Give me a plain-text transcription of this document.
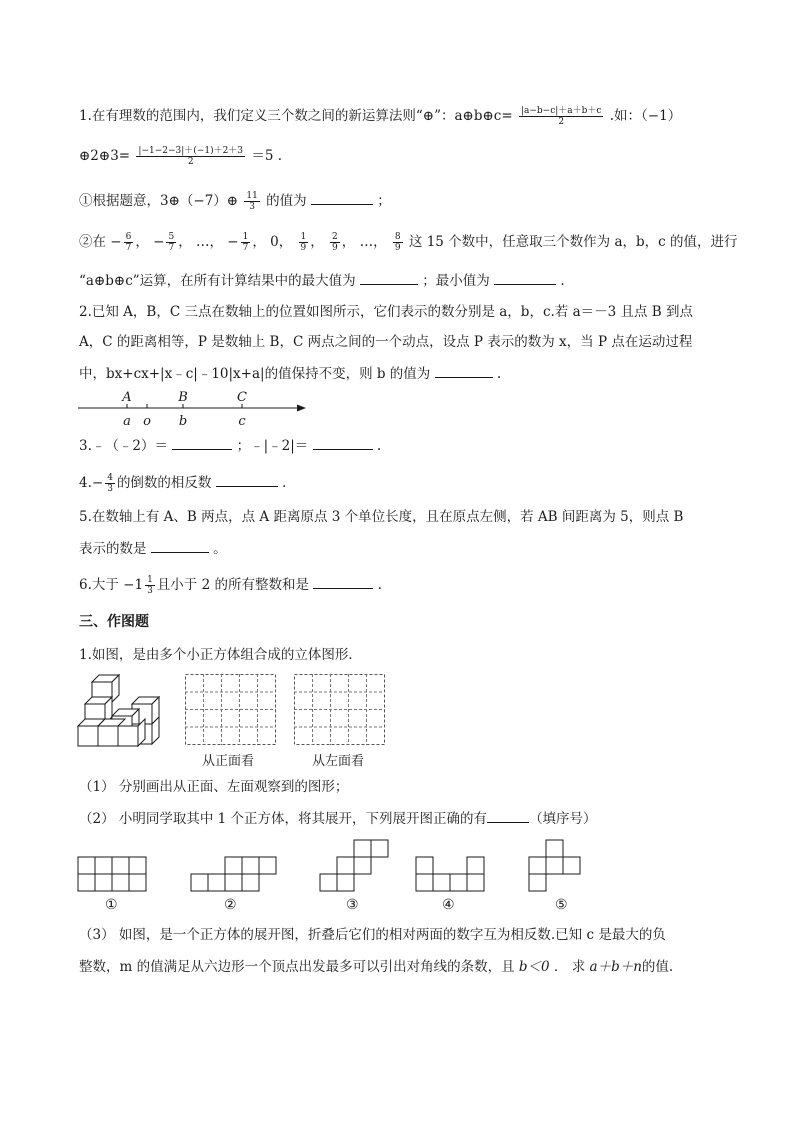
1.在有理数的范围内，我们定义三个数之间的新运算法则“⊕”：a⊕b⊕c= $\frac{|a-b-c|+a+b+c}{2}$ .如：（−1）
⊕2⊕3= $\frac{|-1-2-3|+(-1)+2+3}{2} =5$ .
①根据题意，3⊕（−7）⊕ $\frac{11}{3}$ 的值为	；
②在 − $\frac{6}{7}$ ， − $\frac{5}{7}$ ， …， − $\frac{1}{7}$ ， 0， $\frac{1}{9}$ ， $\frac{2}{9}$ ， …， $\frac{8}{9}$ 这 15 个数中，任意取三个数作为 a，b，c 的值，进行
“a⊕b⊕c”运算，在所有计算结果中的最大值为	；最小值为	.
2.已知 A，B，C 三点在数轴上的位置如图所示，它们表示的数分别是 a，b，c.若 a＝－3 且点 B 到点
A，C 的距离相等，P 是数轴上 B，C 两点之间的一个动点，设点 P 表示的数为 x，当 P 点在运动过程
中，bx+cx+|x﹣c|﹣10|x+a|的值保持不变，则 b 的值为	.
A
a o
B
b
C
c
3.﹣（﹣2）＝	；﹣|﹣2|＝	.
$4.- \frac{4}{3}$ 的倒数的相反数	.
5.在数轴上有 A、B 两点，点 A 距离原点 3 个单位长度，且在原点左侧，若 AB 间距离为 5，则点 B
表示的数是	。
6.大于 $-1 \frac{1}{3}$ 且小于 2 的所有整数和是	.
三、作图题
1.如图，是由多个小正方体组合成的立体图形．
从正面看	从左面看
（1） 分别画出从正面、左面观察到的图形；
（2） 小明同学取其中 1 个正方体，将其展开，下列展开图正确的有	（填序号）
①	②	③	④	⑤
（3） 如图，是一个正方体的展开图，折叠后它们的相对两面的数字互为相反数.已知 c 是最大的负
整数，m 的值满足从六边形一个顶点出发最多可以引出对角线的条数，且 b＜0 ． 求 a＋b＋n的值.
